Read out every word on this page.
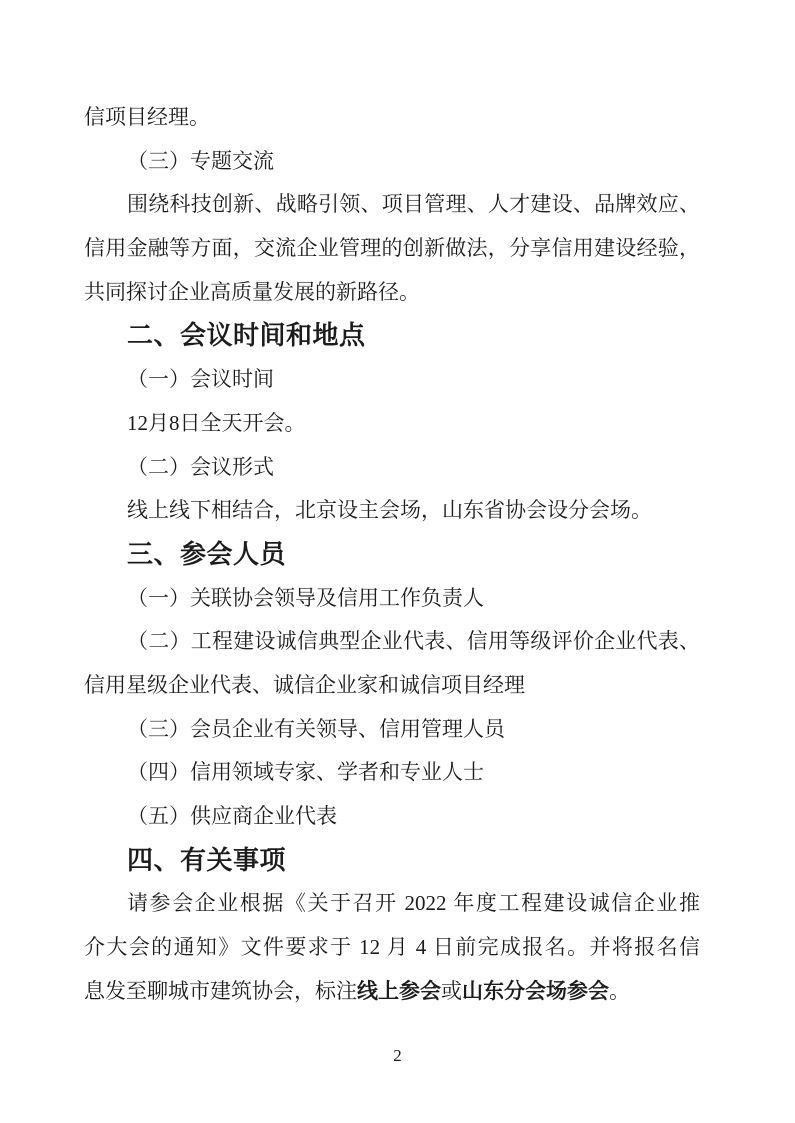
信项目经理。
（三）专题交流
围绕科技创新、战略引领、项目管理、人才建设、品牌效应、
信用金融等方面，交流企业管理的创新做法，分享信用建设经验，
共同探讨企业高质量发展的新路径。
二、会议时间和地点
（一）会议时间
12月8日全天开会。
（二）会议形式
线上线下相结合，北京设主会场，山东省协会设分会场。
三、参会人员
（一）关联协会领导及信用工作负责人
（二）工程建设诚信典型企业代表、信用等级评价企业代表、
信用星级企业代表、诚信企业家和诚信项目经理
（三）会员企业有关领导、信用管理人员
（四）信用领域专家、学者和专业人士
（五）供应商企业代表
四、有关事项
请参会企业根据《关于召开 2022 年度工程建设诚信企业推
介大会的通知》文件要求于 12 月 4 日前完成报名。并将报名信
息发至聊城市建筑协会，标注线上参会或山东分会场参会。
2
